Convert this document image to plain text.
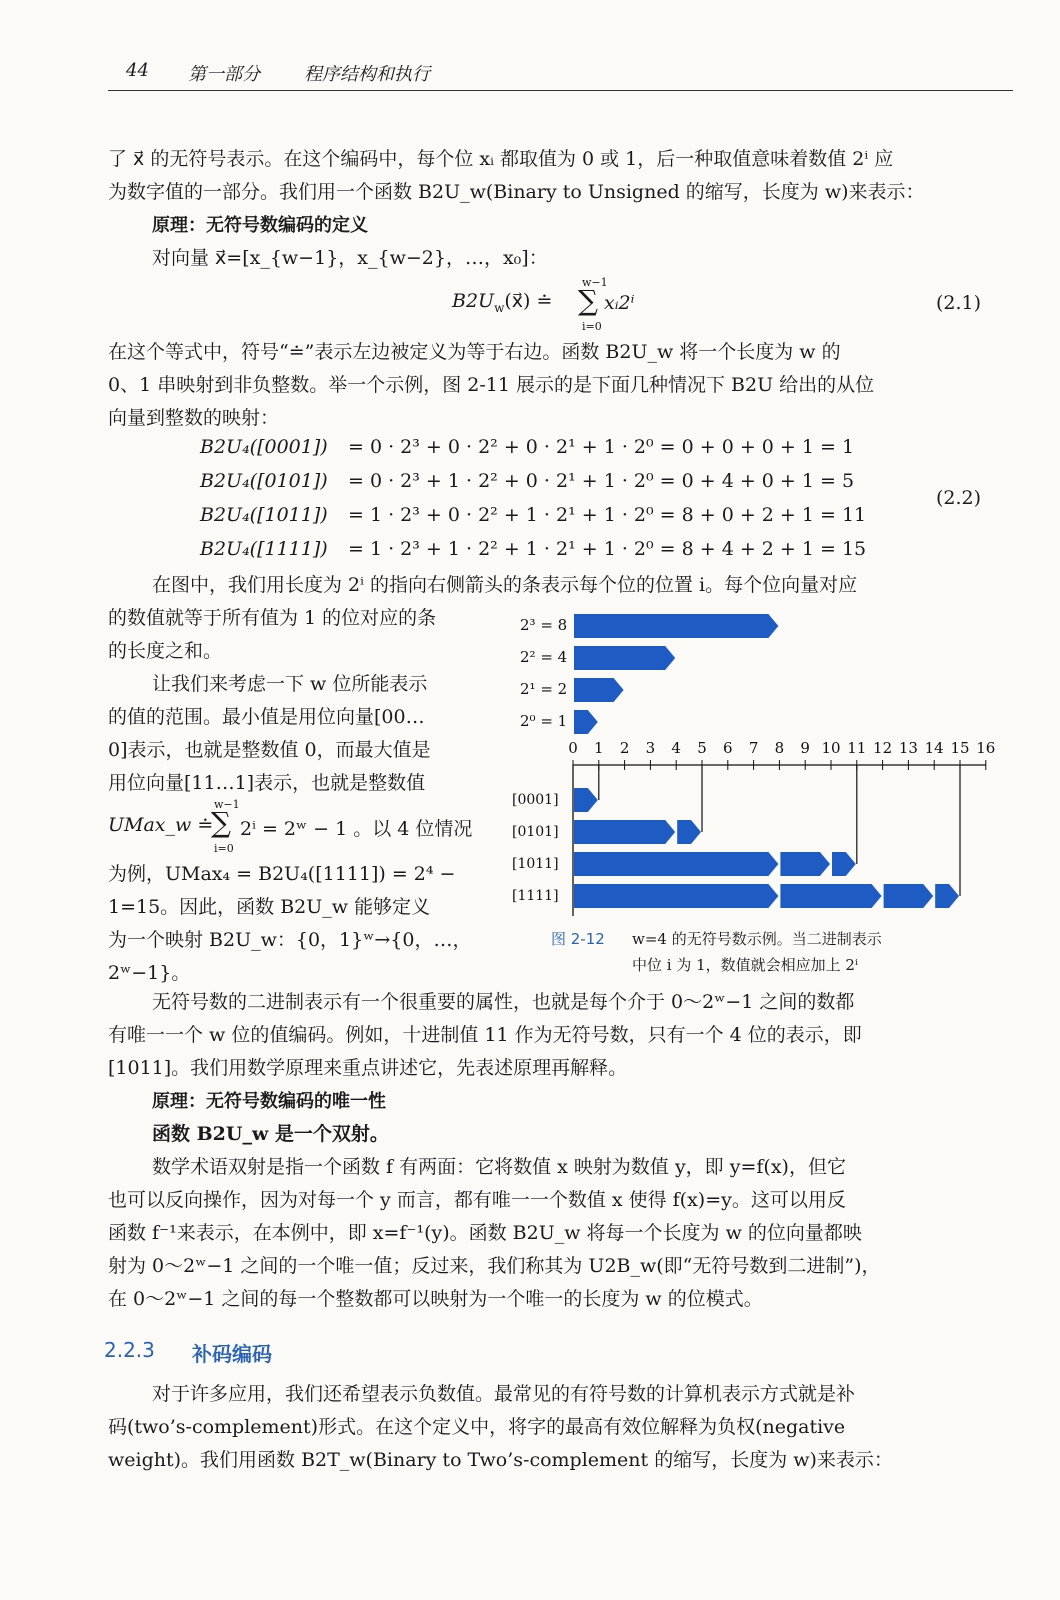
44 第一部分 程序结构和执行
了 x⃗ 的无符号表示。在这个编码中，每个位 xᵢ 都取值为 0 或 1，后一种取值意味着数值 2ⁱ 应
为数字值的一部分。我们用一个函数 B2U_w(Binary to Unsigned 的缩写，长度为 w)来表示：
原理：无符号数编码的定义
对向量 x⃗=[x_{w−1}，x_{w−2}，…，x₀]：
$B2U_w(x⃗)$ ≐
w−1
∑
i=0
xᵢ2ⁱ	(2.1)
在这个等式中，符号“≐”表示左边被定义为等于右边。函数 B2U_w 将一个长度为 w 的
0、1 串映射到非负整数。举一个示例，图 2-11 展示的是下面几种情况下 B2U 给出的从位
向量到整数的映射：
B2U₄([0001]) = 0 · 2³ + 0 · 2² + 0 · 2¹ + 1 · 2⁰ = 0 + 0 + 0 + 1 = 1
B2U₄([0101]) = 0 · 2³ + 1 · 2² + 0 · 2¹ + 1 · 2⁰ = 0 + 4 + 0 + 1 = 5
B2U₄([1011]) = 1 · 2³ + 0 · 2² + 1 · 2¹ + 1 · 2⁰ = 8 + 0 + 2 + 1 = 11
B2U₄([1111]) = 1 · 2³ + 1 · 2² + 1 · 2¹ + 1 · 2⁰ = 8 + 4 + 2 + 1 = 15
(2.2)
在图中，我们用长度为 2ⁱ 的指向右侧箭头的条表示每个位的位置 i。每个位向量对应
的数值就等于所有值为 1 的位对应的条
的长度之和。
让我们来考虑一下 w 位所能表示
的值的范围。最小值是用位向量[00…
0]表示，也就是整数值 0，而最大值是
用位向量[11…1]表示，也就是整数值
UMax_w ≐
w−1
∑
i=0
2ⁱ = 2ʷ − 1 。以 4 位情况
为例，UMax₄ = B2U₄([1111]) = 2⁴ −
1=15。因此，函数 B2U_w 能够定义
为一个映射 B2U_w：{0，1}ʷ→{0，…，
2ʷ−1}。
2³ = 8
2² = 4
2¹ = 2
2⁰ = 1
0 1 2 3 4 5 6 7 8 9 10 11 12 13 14 15 16
[0001]
[0101]
[1011]
[1111]
图 2-12 w=4 的无符号数示例。当二进制表示
中位 i 为 1，数值就会相应加上 2ⁱ
无符号数的二进制表示有一个很重要的属性，也就是每个介于 0～2ʷ−1 之间的数都
有唯一一个 w 位的值编码。例如，十进制值 11 作为无符号数，只有一个 4 位的表示，即
[1011]。我们用数学原理来重点讲述它，先表述原理再解释。
原理：无符号数编码的唯一性
函数 B2U_w 是一个双射。
数学术语双射是指一个函数 f 有两面：它将数值 x 映射为数值 y，即 y=f(x)，但它
也可以反向操作，因为对每一个 y 而言，都有唯一一个数值 x 使得 f(x)=y。这可以用反
函数 f⁻¹来表示，在本例中，即 x=f⁻¹(y)。函数 B2U_w 将每一个长度为 w 的位向量都映
射为 0～2ʷ−1 之间的一个唯一值；反过来，我们称其为 U2B_w(即“无符号数到二进制”)，
在 0～2ʷ−1 之间的每一个整数都可以映射为一个唯一的长度为 w 的位模式。
2.2.3 补码编码
对于许多应用，我们还希望表示负数值。最常见的有符号数的计算机表示方式就是补
码(two’s-complement)形式。在这个定义中，将字的最高有效位解释为负权(negative
weight)。我们用函数 B2T_w(Binary to Two’s-complement 的缩写，长度为 w)来表示：
